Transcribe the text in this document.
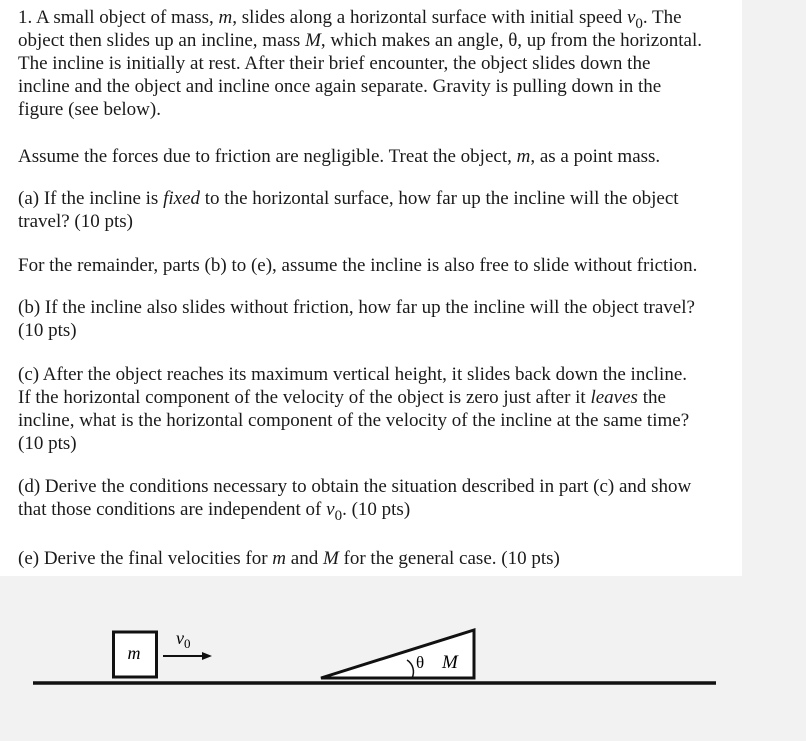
1. A small object of mass, m, slides along a horizontal surface with initial speed $v_0$. The
object then slides up an incline, mass M, which makes an angle, θ, up from the horizontal.
The incline is initially at rest. After their brief encounter, the object slides down the
incline and the object and incline once again separate. Gravity is pulling down in the
figure (see below).

Assume the forces due to friction are negligible. Treat the object, m, as a point mass.

(a) If the incline is fixed to the horizontal surface, how far up the incline will the object
travel? (10 pts)

For the remainder, parts (b) to (e), assume the incline is also free to slide without friction.

(b) If the incline also slides without friction, how far up the incline will the object travel?
(10 pts)

(c) After the object reaches its maximum vertical height, it slides back down the incline.
If the horizontal component of the velocity of the object is zero just after it leaves the
incline, what is the horizontal component of the velocity of the incline at the same time?
(10 pts)

(d) Derive the conditions necessary to obtain the situation described in part (c) and show
that those conditions are independent of $v_0$. (10 pts)

(e) Derive the final velocities for m and M for the general case. (10 pts)

m
$v_0$
θ M
